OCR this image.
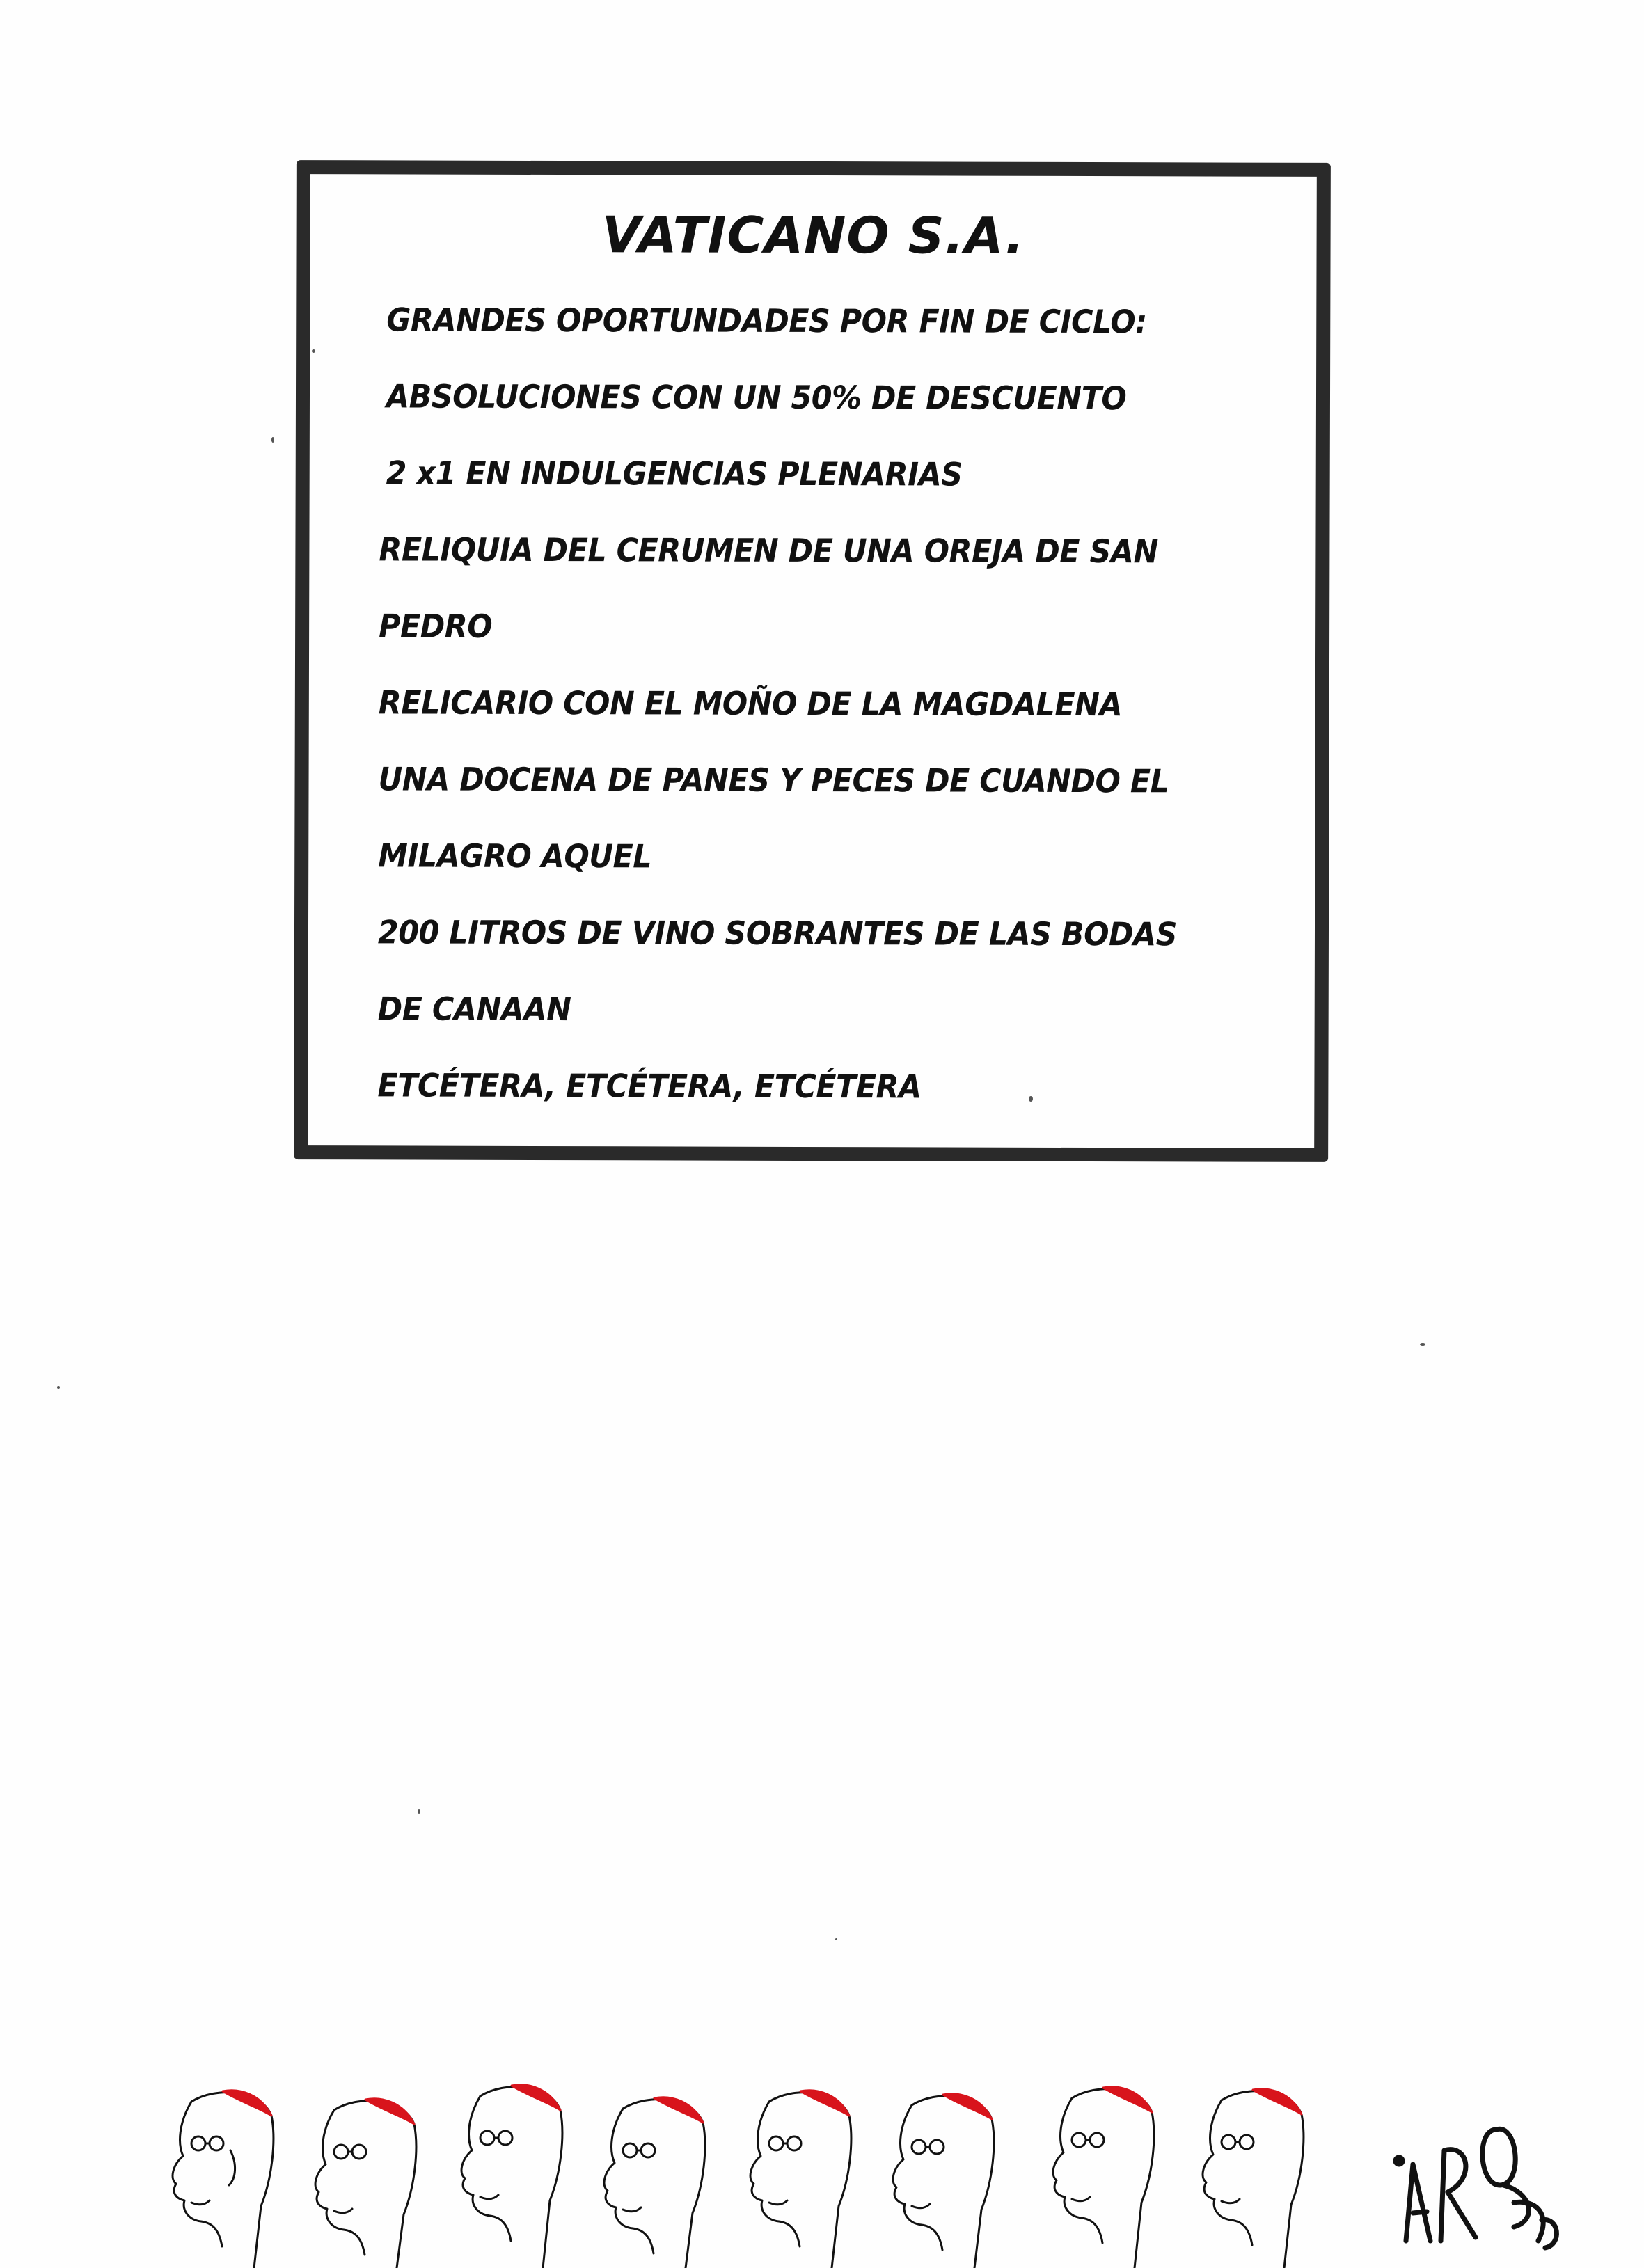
VATICANO S.A.
GRANDES OPORTUNDADES POR FIN DE CICLO:
ABSOLUCIONES CON UN 50% DE DESCUENTO
2 x1 EN INDULGENCIAS PLENARIAS
RELIQUIA DEL CERUMEN DE UNA OREJA DE SAN
PEDRO
RELICARIO CON EL MOÑO DE LA MAGDALENA
UNA DOCENA DE PANES Y PECES DE CUANDO EL
MILAGRO AQUEL
200 LITROS DE VINO SOBRANTES DE LAS BODAS
DE CANAAN
ETCÉTERA, ETCÉTERA, ETCÉTERA
